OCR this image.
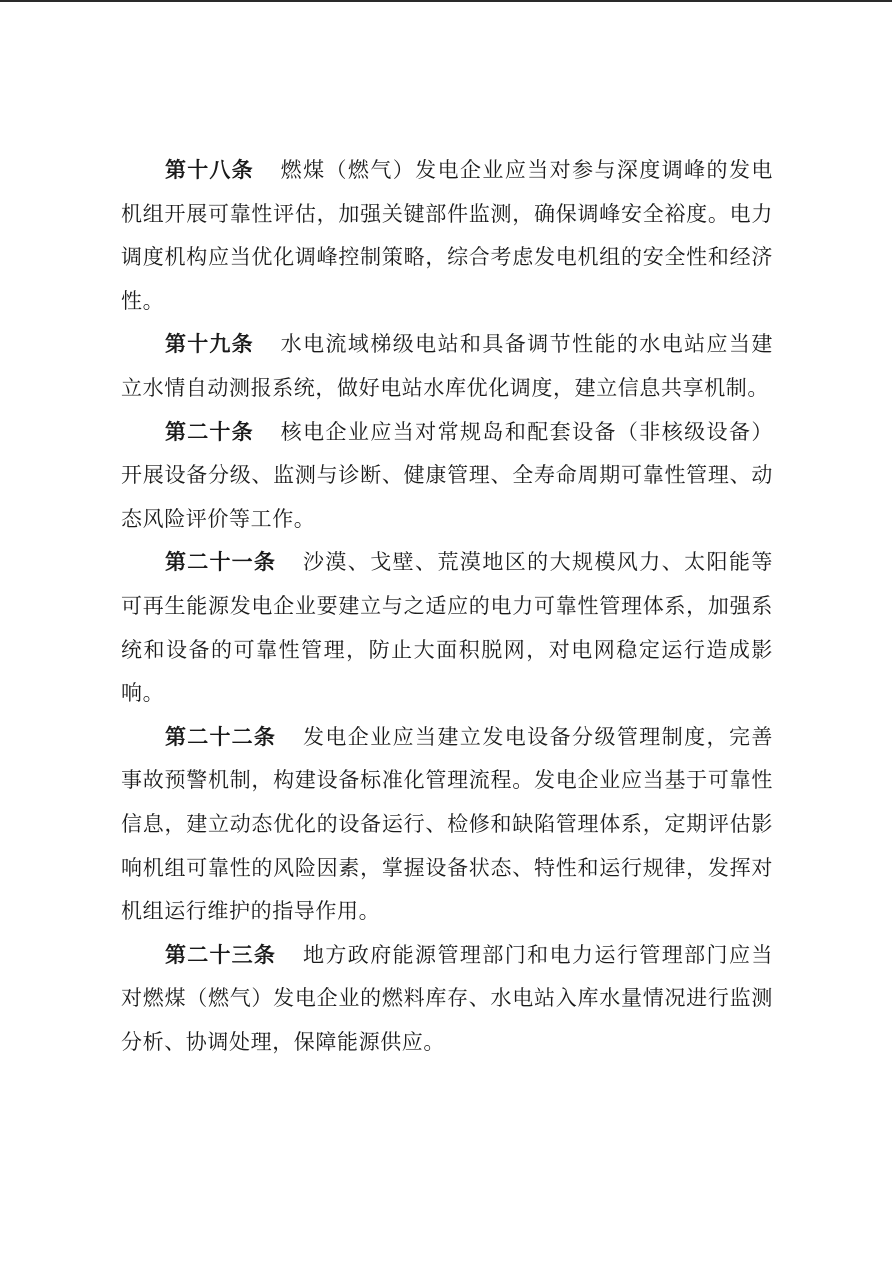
第十八条 燃煤（燃气）发电企业应当对参与深度调峰的发电机组开展可靠性评估，加强关键部件监测，确保调峰安全裕度。电力调度机构应当优化调峰控制策略，综合考虑发电机组的安全性和经济性。

第十九条 水电流域梯级电站和具备调节性能的水电站应当建立水情自动测报系统，做好电站水库优化调度，建立信息共享机制。

第二十条 核电企业应当对常规岛和配套设备（非核级设备）开展设备分级、监测与诊断、健康管理、全寿命周期可靠性管理、动态风险评价等工作。

第二十一条 沙漠、戈壁、荒漠地区的大规模风力、太阳能等可再生能源发电企业要建立与之适应的电力可靠性管理体系，加强系统和设备的可靠性管理，防止大面积脱网，对电网稳定运行造成影响。

第二十二条 发电企业应当建立发电设备分级管理制度，完善事故预警机制，构建设备标准化管理流程。发电企业应当基于可靠性信息，建立动态优化的设备运行、检修和缺陷管理体系，定期评估影响机组可靠性的风险因素，掌握设备状态、特性和运行规律，发挥对机组运行维护的指导作用。

第二十三条 地方政府能源管理部门和电力运行管理部门应当对燃煤（燃气）发电企业的燃料库存、水电站入库水量情况进行监测分析、协调处理，保障能源供应。
